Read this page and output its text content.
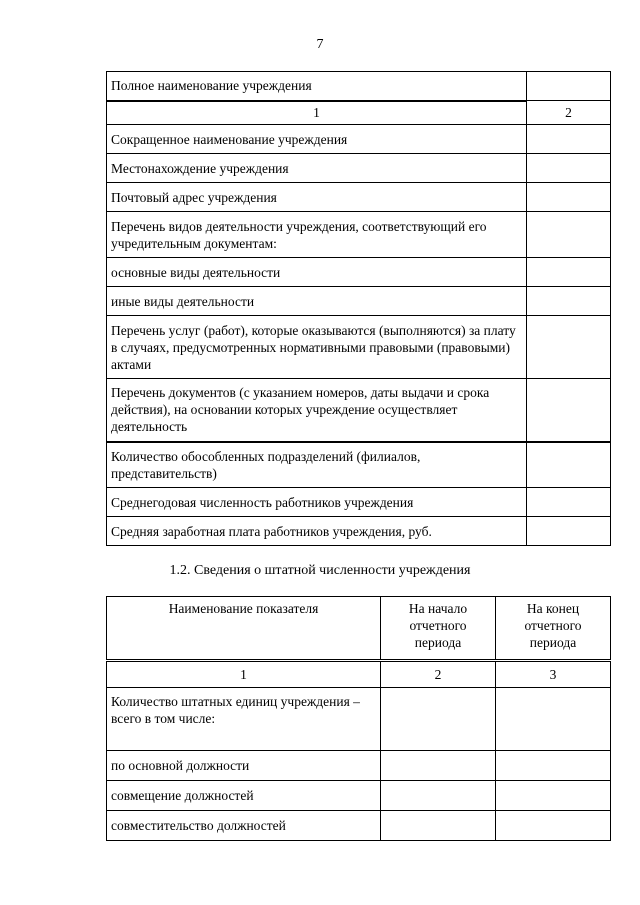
7
Полное наименование учреждения	
1	2
Сокращенное наименование учреждения	
Местонахождение учреждения	
Почтовый адрес учреждения	
Перечень видов деятельности учреждения, соответствующий его учредительным документам:	
основные виды деятельности	
иные виды деятельности	
Перечень услуг (работ), которые оказываются (выполняются) за плату в случаях, предусмотренных нормативными правовыми (правовыми) актами	
Перечень документов (с указанием номеров, даты выдачи и срока действия), на основании которых учреждение осуществляет деятельность	
Количество обособленных подразделений (филиалов, представительств)	
Среднегодовая численность работников учреждения	
Средняя заработная плата работников учреждения, руб.	
1.2. Сведения о штатной численности учреждения
Наименование показателя	На начало отчетного периода	На конец отчетного периода
1	2	3
Количество штатных единиц учреждения – всего в том числе:		
по основной должности		
совмещение должностей		
совместительство должностей		
